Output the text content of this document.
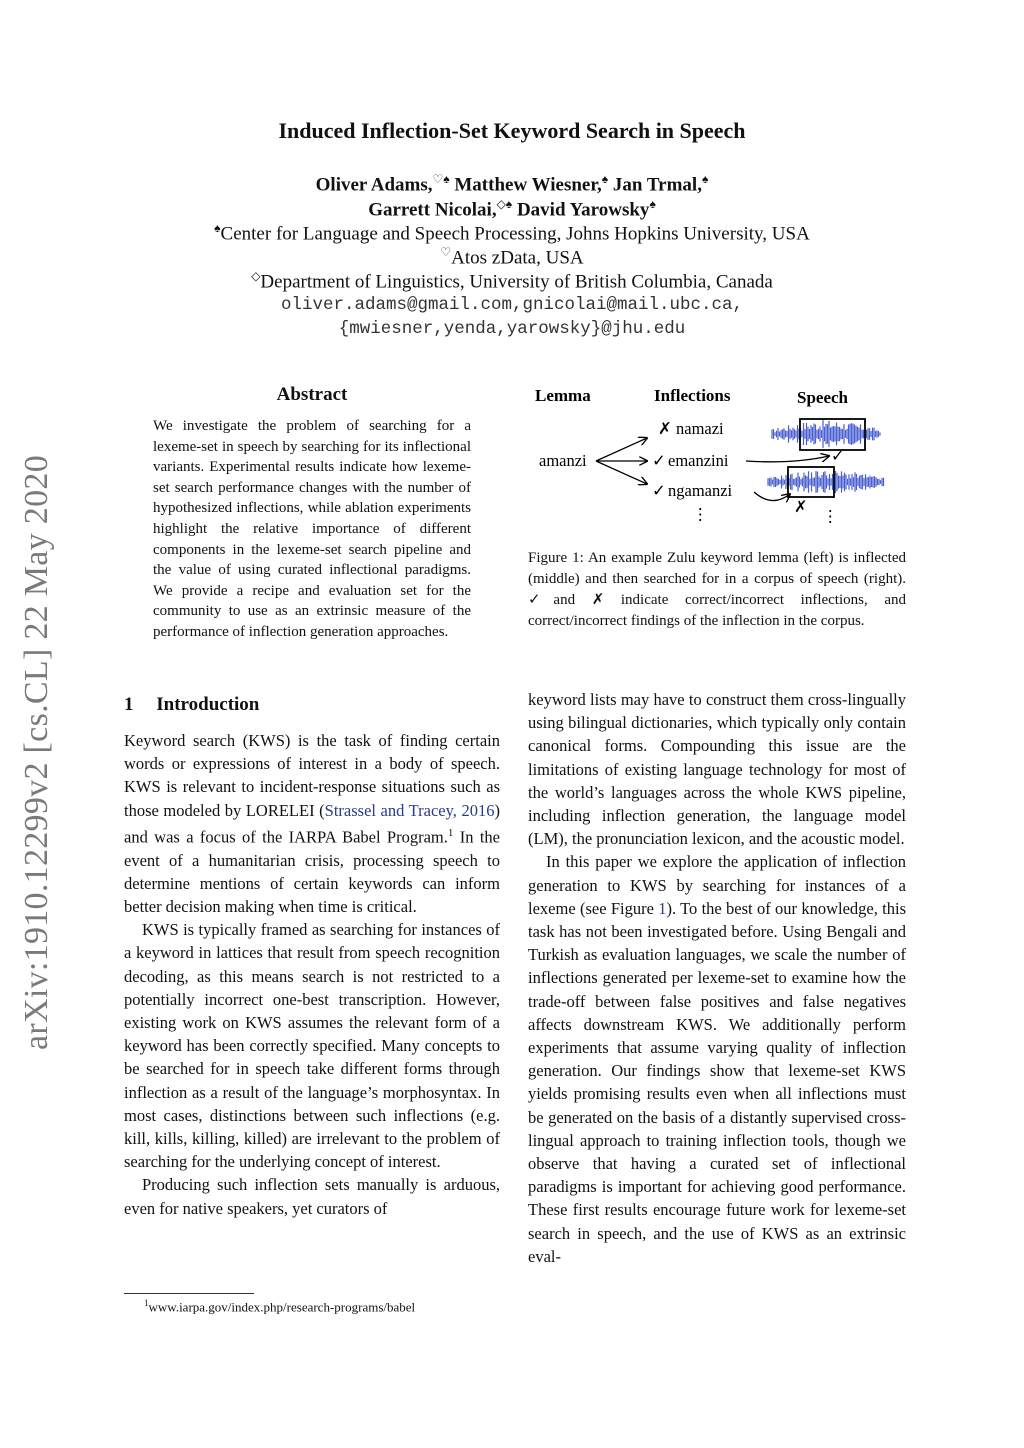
arXiv:1910.12299v2 [cs.CL] 22 May 2020
Induced Inflection-Set Keyword Search in Speech
Oliver Adams,♡♠ Matthew Wiesner,♠ Jan Trmal,♠
Garrett Nicolai,◇♠ David Yarowsky♠
♠Center for Language and Speech Processing, Johns Hopkins University, USA
♡Atos zData, USA
◇Department of Linguistics, University of British Columbia, Canada
oliver.adams@gmail.com,gnicolai@mail.ubc.ca,
{mwiesner,yenda,yarowsky}@jhu.edu
Abstract
We investigate the problem of searching for a lexeme-set in speech by searching for its inflectional variants. Experimental results indicate how lexeme-set search performance changes with the number of hypothesized inflections, while ablation experiments highlight the relative importance of different components in the lexeme-set search pipeline and the value of using curated inflectional paradigms. We provide a recipe and evaluation set for the community to use as an extrinsic measure of the performance of inflection generation approaches.
1 Introduction

Keyword search (KWS) is the task of finding certain words or expressions of interest in a body of speech. KWS is relevant to incident-response situations such as those modeled by LORELEI (Strassel and Tracey, 2016) and was a focus of the IARPA Babel Program.$^1$ In the event of a humanitarian crisis, processing speech to determine mentions of certain keywords can inform better decision making when time is critical.

KWS is typically framed as searching for instances of a keyword in lattices that result from speech recognition decoding, as this means search is not restricted to a potentially incorrect one-best transcription. However, existing work on KWS assumes the relevant form of a keyword has been correctly specified. Many concepts to be searched for in speech take different forms through inflection as a result of the language’s morphosyntax. In most cases, distinctions between such inflections (e.g. kill, kills, killing, killed) are irrelevant to the problem of searching for the underlying concept of interest.

Producing such inflection sets manually is arduous, even for native speakers, yet curators of

$^1$www.iarpa.gov/index.php/research-programs/babel
Lemma	Inflections	Speech
amanzi
✗ namazi
✓ emanzini
✓ ngamanzi
⋮	⋮
✓
✗
Figure 1: An example Zulu keyword lemma (left) is inflected (middle) and then searched for in a corpus of speech (right). ✓and ✗ indicate correct/incorrect inflections, and correct/incorrect findings of the inflection in the corpus.

keyword lists may have to construct them cross-lingually using bilingual dictionaries, which typically only contain canonical forms. Compounding this issue are the limitations of existing language technology for most of the world’s languages across the whole KWS pipeline, including inflection generation, the language model (LM), the pronunciation lexicon, and the acoustic model.

In this paper we explore the application of inflection generation to KWS by searching for instances of a lexeme (see Figure 1). To the best of our knowledge, this task has not been investigated before. Using Bengali and Turkish as evaluation languages, we scale the number of inflections generated per lexeme-set to examine how the trade-off between false positives and false negatives affects downstream KWS. We additionally perform experiments that assume varying quality of inflection generation. Our findings show that lexeme-set KWS yields promising results even when all inflections must be generated on the basis of a distantly supervised cross-lingual approach to training inflection tools, though we observe that having a curated set of inflectional paradigms is important for achieving good performance. These first results encourage future work for lexeme-set search in speech, and the use of KWS as an extrinsic eval-
